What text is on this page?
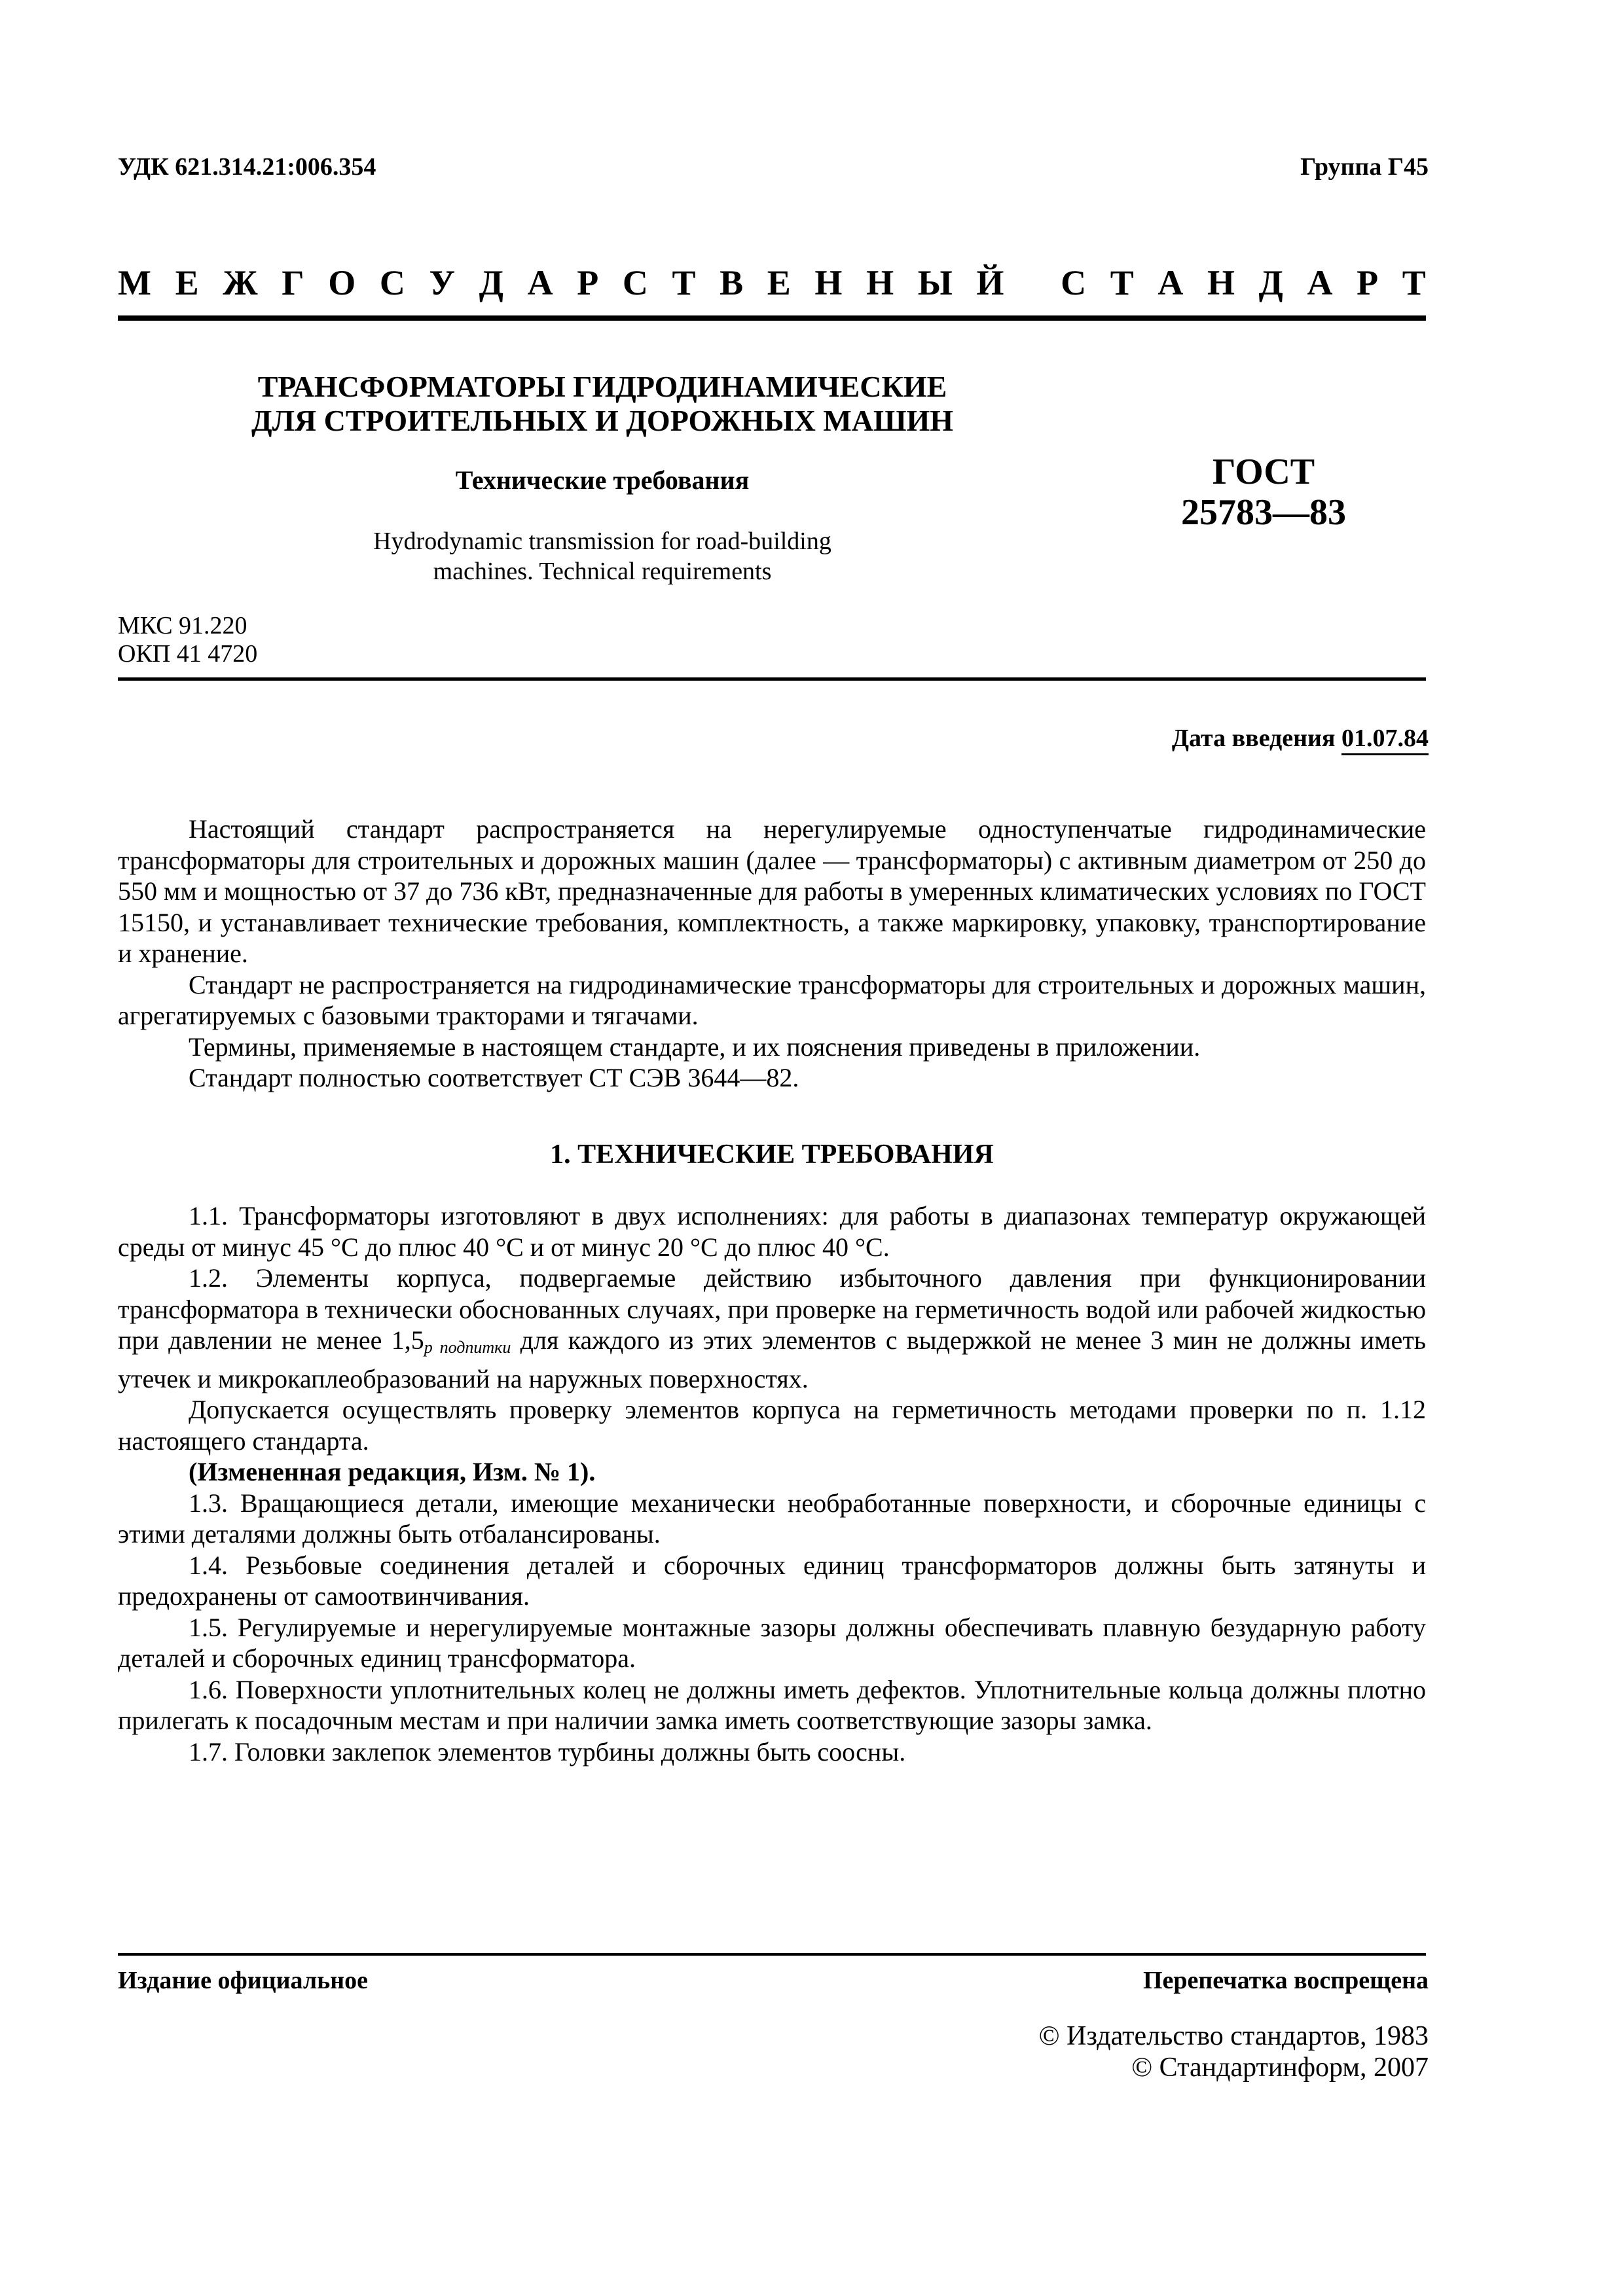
УДК 621.314.21:006.354	Группа Г45
М Е Ж Г О С У Д А Р С Т В Е Н Н Ы Й
С Т А Н Д А Р Т
ТРАНСФОРМАТОРЫ ГИДРОДИНАМИЧЕСКИЕ
ДЛЯ СТРОИТЕЛЬНЫХ И ДОРОЖНЫХ МАШИН
Технические требования
Hydrodynamic transmission for road-building
machines. Technical requirements
ГОСТ
25783—83
МКС 91.220
ОКП 41 4720
Дата введения 01.07.84

Настоящий стандарт распространяется на нерегулируемые одноступенчатые гидродинамические трансформаторы для строительных и дорожных машин (далее — трансформаторы) с активным диаметром от 250 до 550 мм и мощностью от 37 до 736 кВт, предназначенные для работы в умеренных климатических условиях по ГОСТ 15150, и устанавливает технические требования, комплектность, а также маркировку, упаковку, транспортирование и хранение.

Стандарт не распространяется на гидродинамические трансформаторы для строительных и дорожных машин, агрегатируемых с базовыми тракторами и тягачами.

Термины, применяемые в настоящем стандарте, и их пояснения приведены в приложении.

Стандарт полностью соответствует СТ СЭВ 3644—82.

1. ТЕХНИЧЕСКИЕ ТРЕБОВАНИЯ

1.1. Трансформаторы изготовляют в двух исполнениях: для работы в диапазонах температур окружающей среды от минус 45 °С до плюс 40 °С и от минус 20 °С до плюс 40 °С.

1.2. Элементы корпуса, подвергаемые действию избыточного давления при функционировании трансформатора в технически обоснованных случаях, при проверке на герметичность водой или рабочей жидкостью при давлении не менее $1,5_{p подпитки}$ для каждого из этих элементов с выдержкой не менее 3 мин не должны иметь утечек и микрокаплеобразований на наружных поверхностях.

Допускается осуществлять проверку элементов корпуса на герметичность методами проверки по п. 1.12 настоящего стандарта.

(Измененная редакция, Изм. № 1).

1.3. Вращающиеся детали, имеющие механически необработанные поверхности, и сборочные единицы с этими деталями должны быть отбалансированы.

1.4. Резьбовые соединения деталей и сборочных единиц трансформаторов должны быть затянуты и предохранены от самоотвинчивания.

1.5. Регулируемые и нерегулируемые монтажные зазоры должны обеспечивать плавную безударную работу деталей и сборочных единиц трансформатора.

1.6. Поверхности уплотнительных колец не должны иметь дефектов. Уплотнительные кольца должны плотно прилегать к посадочным местам и при наличии замка иметь соответствующие зазоры замка.

1.7. Головки заклепок элементов турбины должны быть соосны.

Издание официальное	Перепечатка воспрещена
© Издательство стандартов, 1983
© Стандартинформ, 2007
